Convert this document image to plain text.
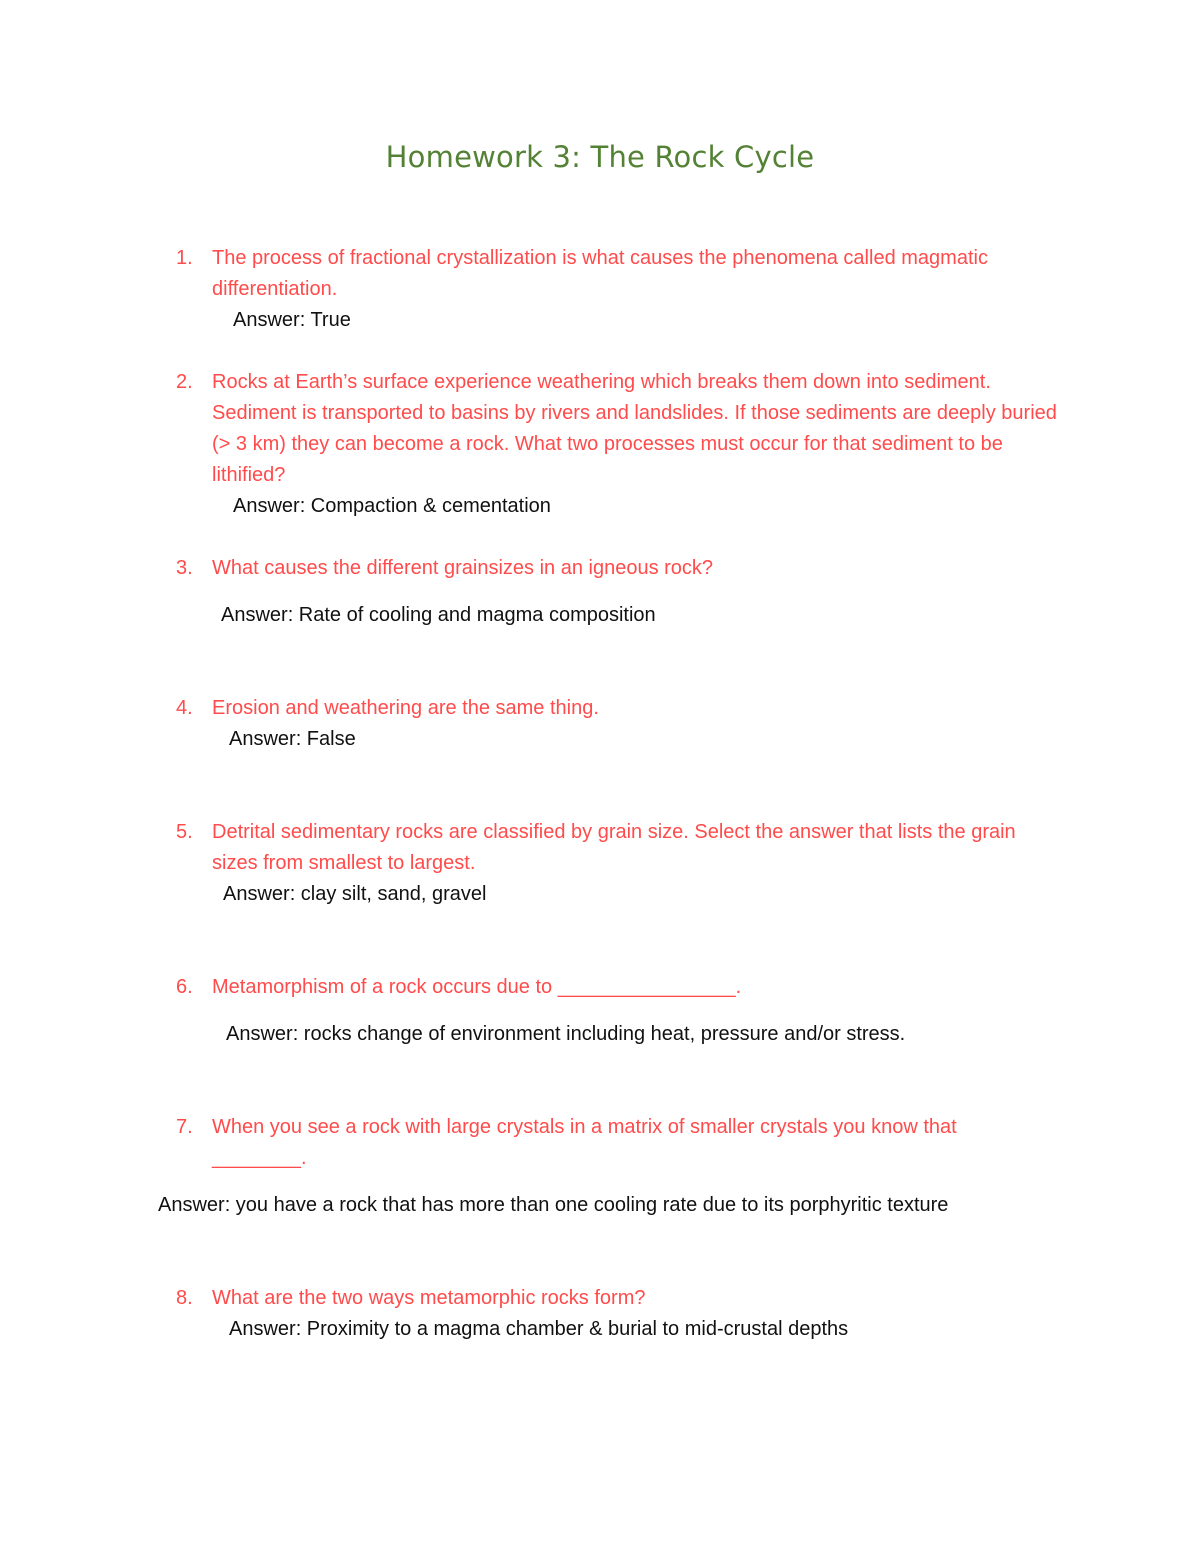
Homework 3: The Rock Cycle
1. The process of fractional crystallization is what causes the phenomena called magmatic differentiation.
Answer: True
2. Rocks at Earth’s surface experience weathering which breaks them down into sediment. Sediment is transported to basins by rivers and landslides. If those sediments are deeply buried (> 3 km) they can become a rock. What two processes must occur for that sediment to be lithified?
Answer: Compaction & cementation
3. What causes the different grainsizes in an igneous rock?
Answer: Rate of cooling and magma composition
4. Erosion and weathering are the same thing.
Answer: False
5. Detrital sedimentary rocks are classified by grain size. Select the answer that lists the grain sizes from smallest to largest.
Answer: clay silt, sand, gravel
6. Metamorphism of a rock occurs due to ________________.
Answer: rocks change of environment including heat, pressure and/or stress.
7. When you see a rock with large crystals in a matrix of smaller crystals you know that ________.
Answer: you have a rock that has more than one cooling rate due to its porphyritic texture
8. What are the two ways metamorphic rocks form?
Answer: Proximity to a magma chamber & burial to mid-crustal depths
